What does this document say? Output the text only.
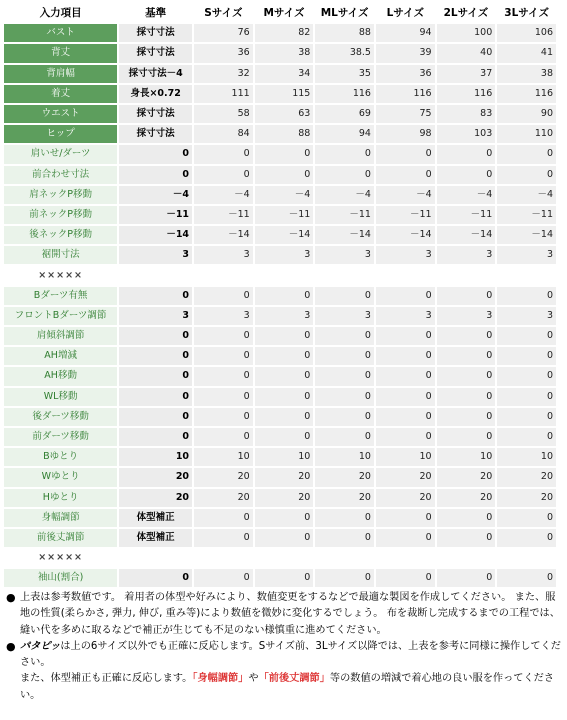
入力項目	基準	Sサイズ	Mサイズ	MLサイズ	Lサイズ	2Lサイズ	3Lサイズ
バスト	採寸寸法	76	82	88	94	100	106
背丈	採寸寸法	36	38	38.5	39	40	41
背肩幅	採寸寸法－4	32	34	35	36	37	38
着丈	身長×0.72	111	115	116	116	116	116
ウエスト	採寸寸法	58	63	69	75	83	90
ヒップ	採寸寸法	84	88	94	98	103	110
肩いせ/ダーツ	0	0	0	0	0	0	0
前合わせ寸法	0	0	0	0	0	0	0
肩ネックP移動	－4	－4	－4	－4	－4	－4	－4
前ネックP移動	－11	－11	－11	－11	－11	－11	－11
後ネックP移動	－14	－14	－14	－14	－14	－14	－14
裾開寸法	3	3	3	3	3	3	3
×××××							
Bダーツ有無	0	0	0	0	0	0	0
フロントBダーツ調節	3	3	3	3	3	3	3
肩傾斜調節	0	0	0	0	0	0	0
AH増減	0	0	0	0	0	0	0
AH移動	0	0	0	0	0	0	0
WL移動	0	0	0	0	0	0	0
後ダーツ移動	0	0	0	0	0	0	0
前ダーツ移動	0	0	0	0	0	0	0
Bゆとり	10	10	10	10	10	10	10
Wゆとり	20	20	20	20	20	20	20
Hゆとり	20	20	20	20	20	20	20
身幅調節	体型補正	0	0	0	0	0	0
前後丈調節	体型補正	0	0	0	0	0	0
×××××							
袖山(割合)	0	0	0	0	0	0	0
● 上表は参考数値です。 着用者の体型や好みにより、数値変更をするなどで最適な製図を作成してください。 また、服地の性質(柔らかさ, 弾力, 伸び, 重み等)により数値を微妙に変化するでしょう。 布を裁断し完成するまでの工程では、縫い代を多めに取るなどで補正が生じても不足のない様慎重に進めてください。
● パタピッは上の6サイズ以外でも正確に反応します。Sサイズ前、3Lサイズ以降では、上表を参考に同様に操作してください。
また、体型補正も正確に反応します。「身幅調節」や「前後丈調節」等の数値の増減で着心地の良い服を作ってください。
